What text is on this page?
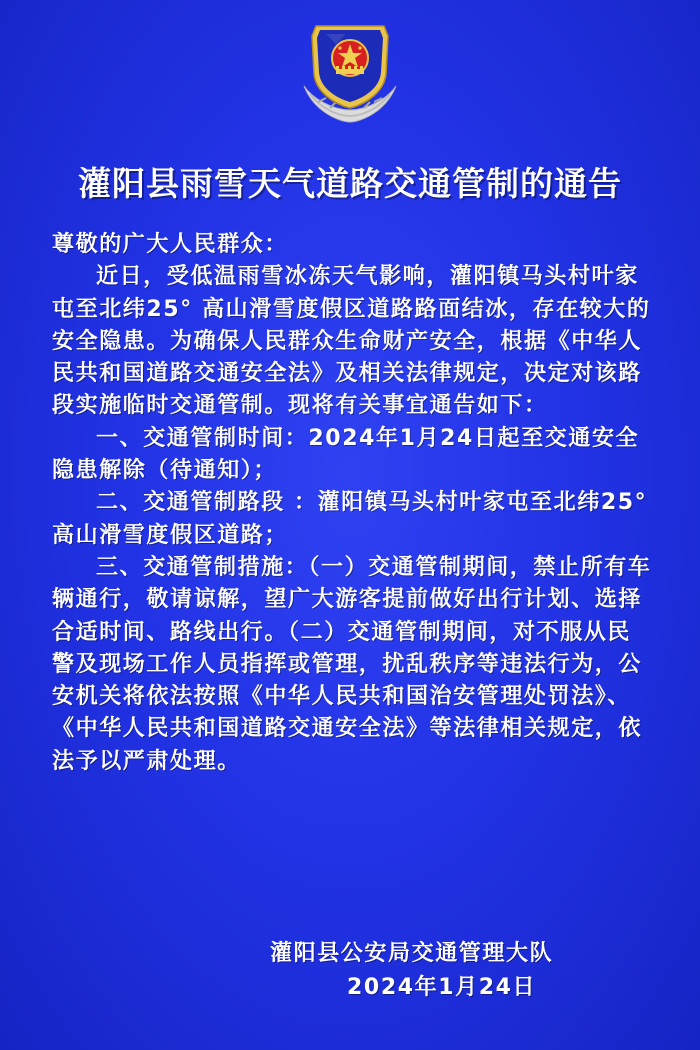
灌阳县雨雪天气道路交通管制的通告

尊敬的广大人民群众：

近日，受低温雨雪冰冻天气影响，灌阳镇马头村叶家屯至北纬25° 高山滑雪度假区道路路面结冰，存在较大的安全隐患。为确保人民群众生命财产安全，根据《中华人民共和国道路交通安全法》及相关法律规定，决定对该路段实施临时交通管制。现将有关事宜通告如下：

一、交通管制时间：2024年1月24日起至交通安全隐患解除（待通知）；

二、交通管制路段 ：灌阳镇马头村叶家屯至北纬25° 高山滑雪度假区道路；

三、交通管制措施：（一）交通管制期间，禁止所有车辆通行，敬请谅解，望广大游客提前做好出行计划、选择合适时间、路线出行。（二）交通管制期间，对不服从民警及现场工作人员指挥或管理，扰乱秩序等违法行为，公安机关将依法按照《中华人民共和国治安管理处罚法》、《中华人民共和国道路交通安全法》等法律相关规定，依法予以严肃处理。

灌阳县公安局交通管理大队
2024年1月24日
